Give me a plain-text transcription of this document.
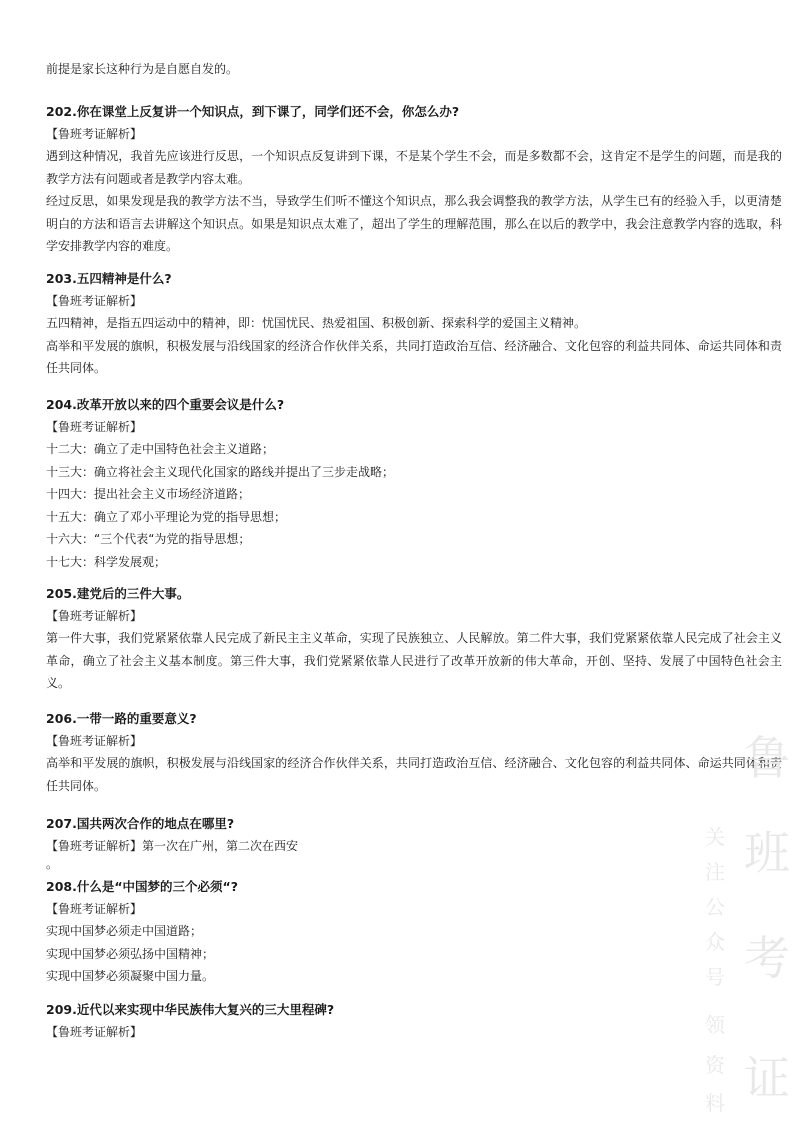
前提是家长这种行为是自愿自发的。

202.你在课堂上反复讲一个知识点，到下课了，同学们还不会，你怎么办?

【鲁班考证解析】

遇到这种情况，我首先应该进行反思，一个知识点反复讲到下课，不是某个学生不会，而是多数都不会，这肯定不是学生的问题，而是我的教学方法有问题或者是教学内容太难。

经过反思，如果发现是我的教学方法不当，导致学生们听不懂这个知识点，那么我会调整我的教学方法，从学生已有的经验入手，以更清楚明白的方法和语言去讲解这个知识点。如果是知识点太难了，超出了学生的理解范围，那么在以后的教学中，我会注意教学内容的选取，科学安排教学内容的难度。

203.五四精神是什么?

【鲁班考证解析】

五四精神，是指五四运动中的精神，即：忧国忧民、热爱祖国、积极创新、探索科学的爱国主义精神。

高举和平发展的旗帜，积极发展与沿线国家的经济合作伙伴关系，共同打造政治互信、经济融合、文化包容的利益共同体、命运共同体和责任共同体。

204.改革开放以来的四个重要会议是什么?

【鲁班考证解析】

十二大：确立了走中国特色社会主义道路；

十三大：确立将社会主义现代化国家的路线并提出了三步走战略；

十四大：提出社会主义市场经济道路；

十五大：确立了邓小平理论为党的指导思想；

十六大：“三个代表“为党的指导思想；

十七大：科学发展观；

205.建党后的三件大事。

【鲁班考证解析】

第一件大事，我们党紧紧依靠人民完成了新民主主义革命，实现了民族独立、人民解放。第二件大事，我们党紧紧依靠人民完成了社会主义革命，确立了社会主义基本制度。第三件大事，我们党紧紧依靠人民进行了改革开放新的伟大革命，开创、坚持、发展了中国特色社会主义。

206.一带一路的重要意义?

【鲁班考证解析】

高举和平发展的旗帜，积极发展与沿线国家的经济合作伙伴关系，共同打造政治互信、经济融合、文化包容的利益共同体、命运共同体和责任共同体。

207.国共两次合作的地点在哪里?

【鲁班考证解析】第一次在广州，第二次在西安

。

208.什么是“中国梦的三个必须“?

【鲁班考证解析】

实现中国梦必须走中国道路；

实现中国梦必须弘扬中国精神；

实现中国梦必须凝聚中国力量。

209.近代以来实现中华民族伟大复兴的三大里程碑?

【鲁班考证解析】

鲁
班
考
证
关
注
公
众
号
领
资
料
